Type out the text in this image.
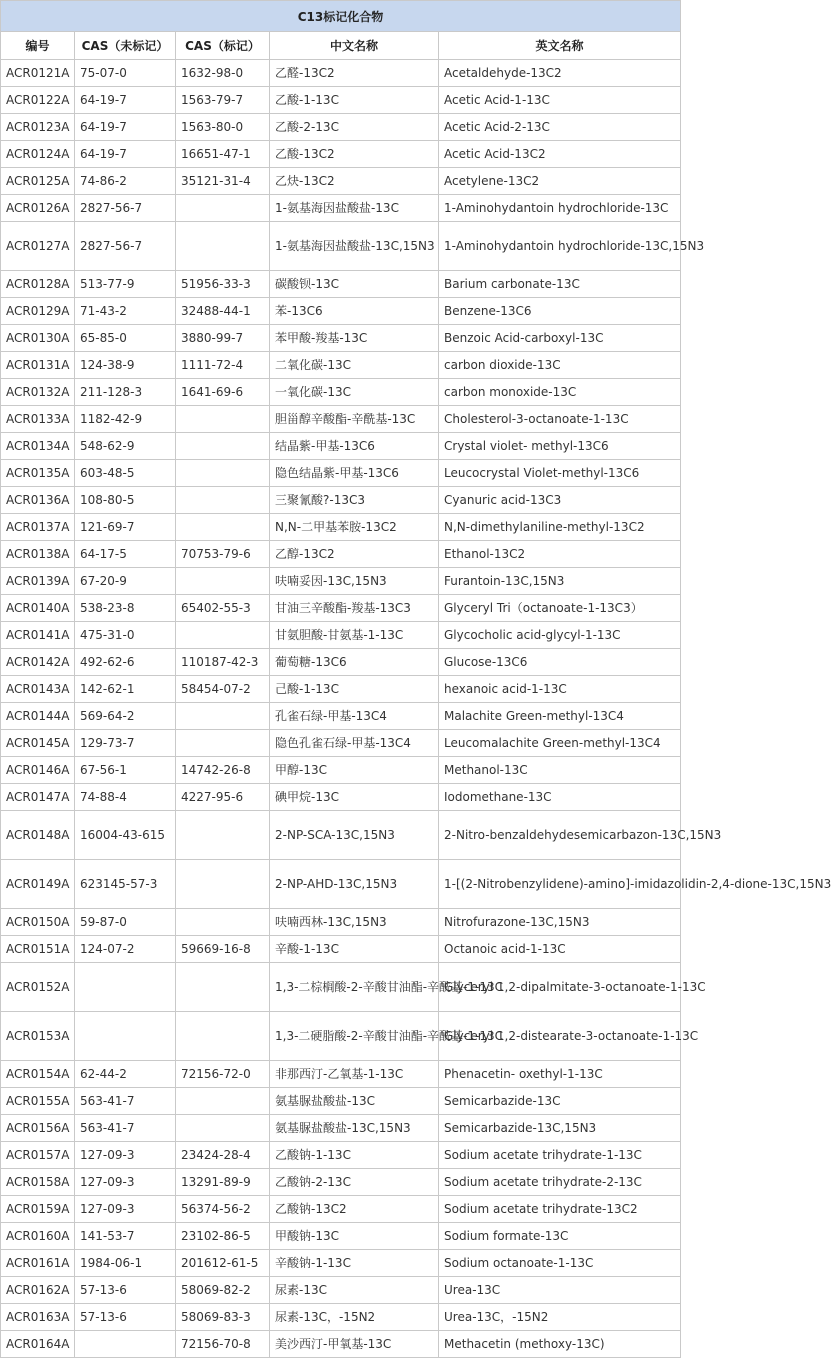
C13标记化合物				
编号	CAS（未标记）	CAS（标记）	中文名称	英文名称
ACR0121A	75-07-0	1632-98-0	乙醛-13C2	Acetaldehyde-13C2
ACR0122A	64-19-7	1563-79-7	乙酸-1-13C	Acetic Acid-1-13C
ACR0123A	64-19-7	1563-80-0	乙酸-2-13C	Acetic Acid-2-13C
ACR0124A	64-19-7	16651-47-1	乙酸-13C2	Acetic Acid-13C2
ACR0125A	74-86-2	35121-31-4	乙炔-13C2	Acetylene-13C2
ACR0126A	2827-56-7		1-氨基海因盐酸盐-13C	1-Aminohydantoin hydrochloride-13C
ACR0127A	2827-56-7		1-氨基海因盐酸盐-13C,15N3	1-Aminohydantoin hydrochloride-13C,15N3
ACR0128A	513-77-9	51956-33-3	碳酸钡-13C	Barium carbonate-13C
ACR0129A	71-43-2	32488-44-1	苯-13C6	Benzene-13C6
ACR0130A	65-85-0	3880-99-7	苯甲酸-羧基-13C	Benzoic Acid-carboxyl-13C
ACR0131A	124-38-9	1111-72-4	二氧化碳-13C	carbon dioxide-13C
ACR0132A	211-128-3	1641-69-6	一氧化碳-13C	carbon monoxide-13C
ACR0133A	1182-42-9		胆甾醇辛酸酯-辛酰基-13C	Cholesterol-3-octanoate-1-13C
ACR0134A	548-62-9		结晶紫-甲基-13C6	Crystal violet- methyl-13C6
ACR0135A	603-48-5		隐色结晶紫-甲基-13C6	Leucocrystal Violet-methyl-13C6
ACR0136A	108-80-5		三聚氰酸?-13C3	Cyanuric acid-13C3
ACR0137A	121-69-7		N,N-二甲基苯胺-13C2	N,N-dimethylaniline-methyl-13C2
ACR0138A	64-17-5	70753-79-6	乙醇-13C2	Ethanol-13C2
ACR0139A	67-20-9		呋喃妥因-13C,15N3	Furantoin-13C,15N3
ACR0140A	538-23-8	65402-55-3	甘油三辛酸酯-羧基-13C3	Glyceryl Tri（octanoate-1-13C3）
ACR0141A	475-31-0		甘氨胆酸-甘氨基-1-13C	Glycocholic acid-glycyl-1-13C
ACR0142A	492-62-6	110187-42-3	葡萄糖-13C6	Glucose-13C6
ACR0143A	142-62-1	58454-07-2	己酸-1-13C	hexanoic acid-1-13C
ACR0144A	569-64-2		孔雀石绿-甲基-13C4	Malachite Green-methyl-13C4
ACR0145A	129-73-7		隐色孔雀石绿-甲基-13C4	Leucomalachite Green-methyl-13C4
ACR0146A	67-56-1	14742-26-8	甲醇-13C	Methanol-13C
ACR0147A	74-88-4	4227-95-6	碘甲烷-13C	Iodomethane-13C
ACR0148A	16004-43-615		2-NP-SCA-13C,15N3	2-Nitro-benzaldehydesemicarbazon-13C,15N3
ACR0149A	623145-57-3		2-NP-AHD-13C,15N3	1-[(2-Nitrobenzylidene)-amino]-imidazolidin-2,4-dione-13C,15N3
ACR0150A	59-87-0		呋喃西林-13C,15N3	Nitrofurazone-13C,15N3
ACR0151A	124-07-2	59669-16-8	辛酸-1-13C	Octanoic acid-1-13C
ACR0152A			1,3-二棕榈酸-2-辛酸甘油酯-辛酰基-1-13C	Glyceryl 1,2-dipalmitate-3-octanoate-1-13C
ACR0153A			1,3-二硬脂酸-2-辛酸甘油酯-辛酰基-1-13C	Glyceryl 1,2-distearate-3-octanoate-1-13C
ACR0154A	62-44-2	72156-72-0	非那西汀-乙氧基-1-13C	Phenacetin- oxethyl-1-13C
ACR0155A	563-41-7		氨基脲盐酸盐-13C	Semicarbazide-13C
ACR0156A	563-41-7		氨基脲盐酸盐-13C,15N3	Semicarbazide-13C,15N3
ACR0157A	127-09-3	23424-28-4	乙酸钠-1-13C	Sodium acetate trihydrate-1-13C
ACR0158A	127-09-3	13291-89-9	乙酸钠-2-13C	Sodium acetate trihydrate-2-13C
ACR0159A	127-09-3	56374-56-2	乙酸钠-13C2	Sodium acetate trihydrate-13C2
ACR0160A	141-53-7	23102-86-5	甲酸钠-13C	Sodium formate-13C
ACR0161A	1984-06-1	201612-61-5	辛酸钠-1-13C	Sodium octanoate-1-13C
ACR0162A	57-13-6	58069-82-2	尿素-13C	Urea-13C
ACR0163A	57-13-6	58069-83-3	尿素-13C，-15N2	Urea-13C，-15N2
ACR0164A		72156-70-8	美沙西汀-甲氧基-13C	Methacetin (methoxy-13C)
